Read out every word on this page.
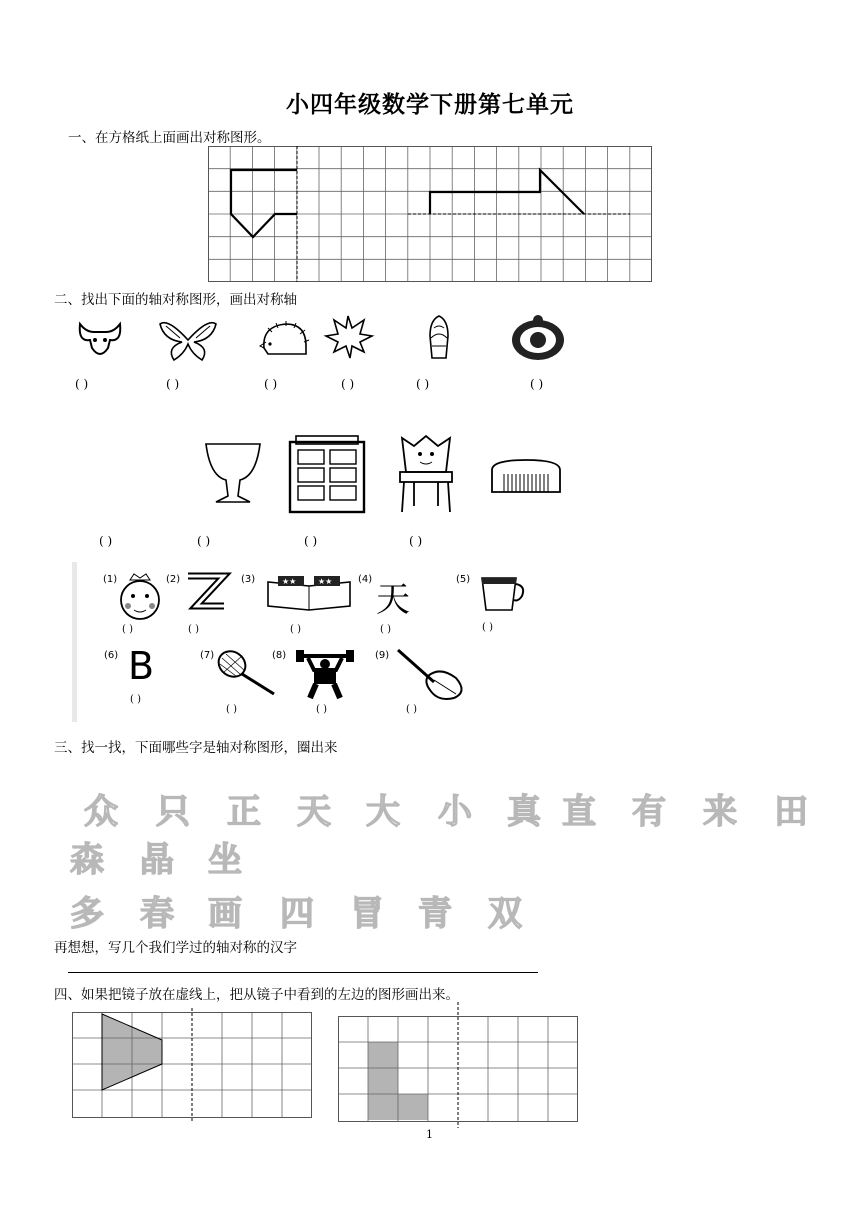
小四年级数学下册第七单元
一、在方格纸上面画出对称图形。
二、找出下面的轴对称图形，画出对称轴
( )	( )	( )	( )	( )	( )
( )	( )	( )	( )
(1)
( )
(2)
( )
(3)	★★	★★
( )
(4)
天
( )
(5)
( )
(6) B
( )
(7)
( )
(8)
( )
(9)
( )
三、找一找，下面哪些字是轴对称图形，圈出来
众 只 正 天 大 小 真 直 有 来 田
森 晶 坐
多 春 画 四 冒 青 双
再想想，写几个我们学过的轴对称的汉字
四、如果把镜子放在虚线上，把从镜子中看到的左边的图形画出来。
1
